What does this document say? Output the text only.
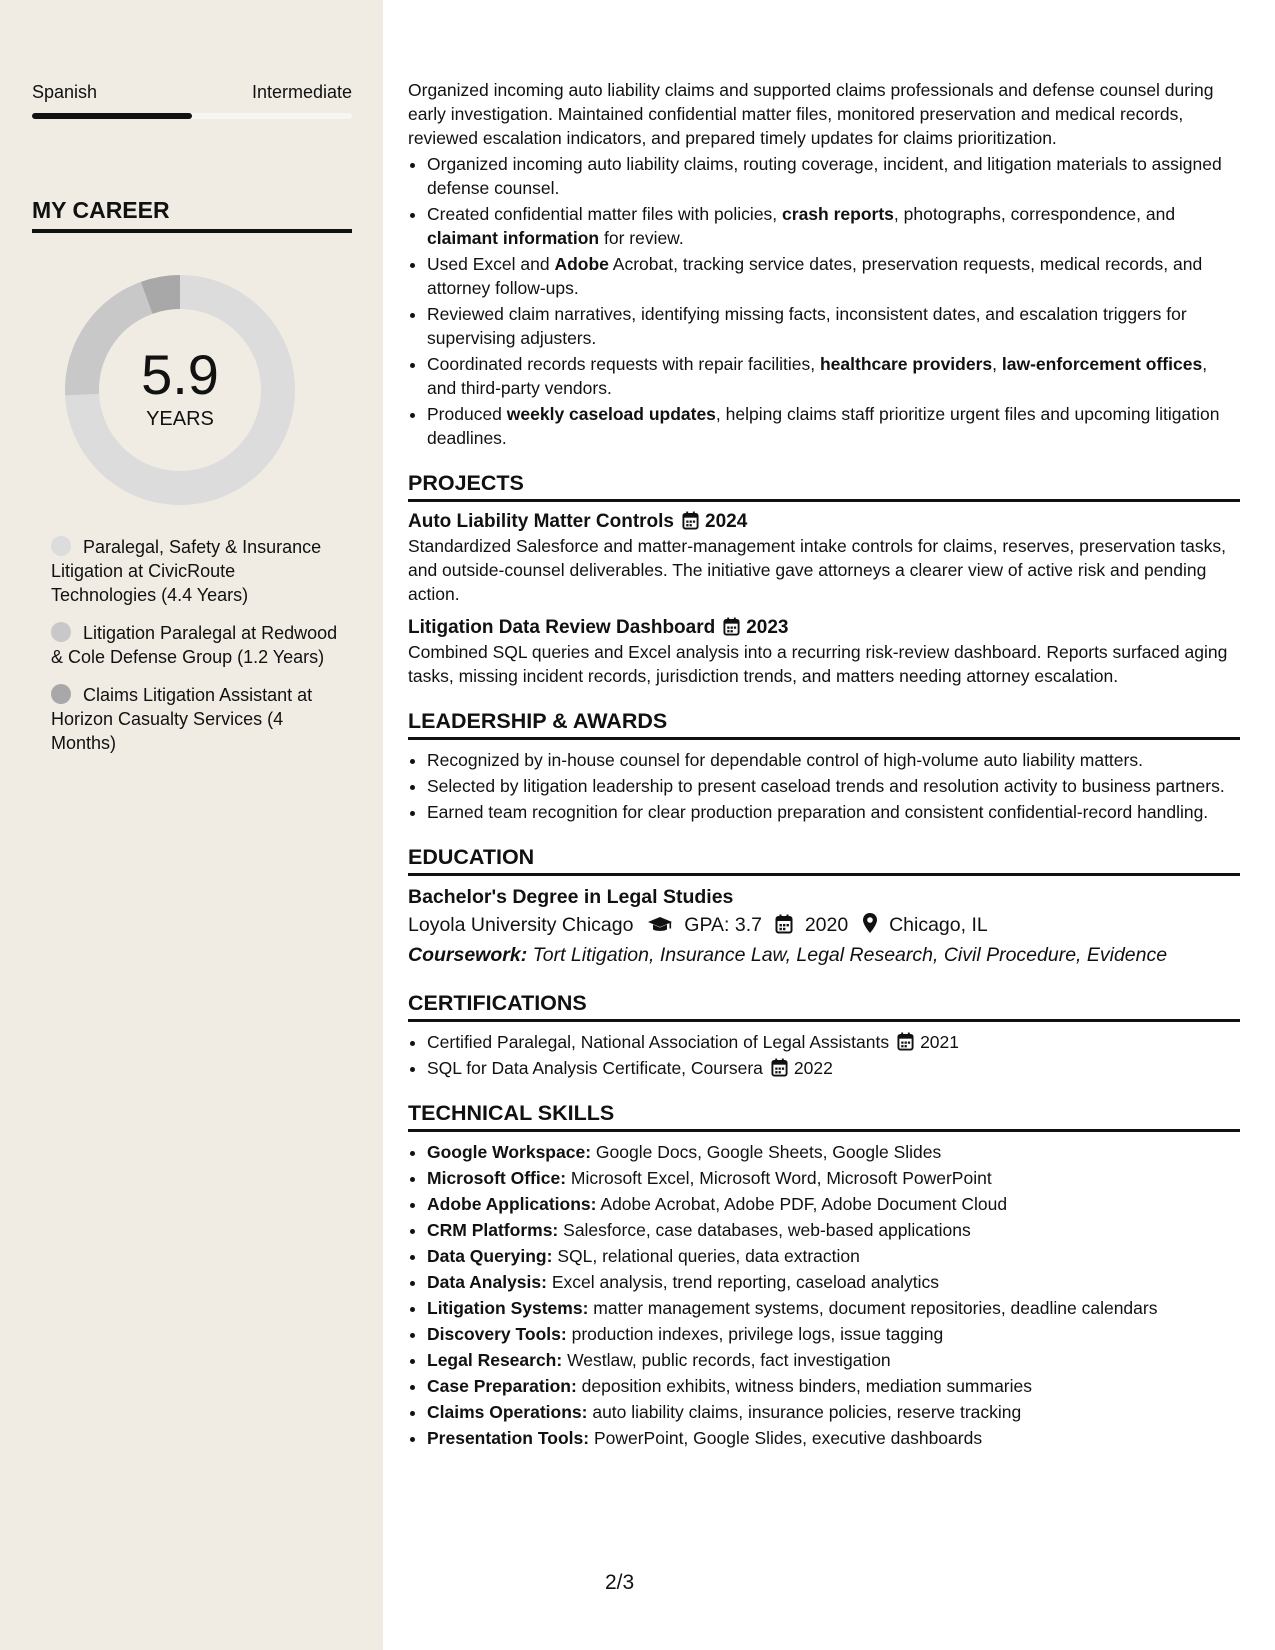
Spanish	Intermediate
MY CAREER
5.9
YEARS
Paralegal, Safety & Insurance Litigation at CivicRoute Technologies (4.4 Years)
Litigation Paralegal at Redwood & Cole Defense Group (1.2 Years)
Claims Litigation Assistant at Horizon Casualty Services (4 Months)

Organized incoming auto liability claims and supported claims professionals and defense counsel during early investigation. Maintained confidential matter files, monitored preservation and medical records, reviewed escalation indicators, and prepared timely updates for claims prioritization.

• Organized incoming auto liability claims, routing coverage, incident, and litigation materials to assigned defense counsel.
• Created confidential matter files with policies, crash reports, photographs, correspondence, and claimant information for review.
• Used Excel and Adobe Acrobat, tracking service dates, preservation requests, medical records, and attorney follow-ups.
• Reviewed claim narratives, identifying missing facts, inconsistent dates, and escalation triggers for supervising adjusters.
• Coordinated records requests with repair facilities, healthcare providers, law-enforcement offices, and third-party vendors.
• Produced weekly caseload updates, helping claims staff prioritize urgent files and upcoming litigation deadlines.
PROJECTS
Auto Liability Matter Controls 2024

Standardized Salesforce and matter-management intake controls for claims, reserves, preservation tasks, and outside-counsel deliverables. The initiative gave attorneys a clearer view of active risk and pending action.

Litigation Data Review Dashboard 2023

Combined SQL queries and Excel analysis into a recurring risk-review dashboard. Reports surfaced aging tasks, missing incident records, jurisdiction trends, and matters needing attorney escalation.

LEADERSHIP & AWARDS
• Recognized by in-house counsel for dependable control of high-volume auto liability matters.
• Selected by litigation leadership to present caseload trends and resolution activity to business partners.
• Earned team recognition for clear production preparation and consistent confidential-record handling.
EDUCATION
Bachelor's Degree in Legal Studies
Loyola University Chicago	GPA: 3.7 2020 Chicago, IL
Coursework: Tort Litigation, Insurance Law, Legal Research, Civil Procedure, Evidence
CERTIFICATIONS
• Certified Paralegal, National Association of Legal Assistants 2021
• SQL for Data Analysis Certificate, Coursera 2022
TECHNICAL SKILLS
• Google Workspace: Google Docs, Google Sheets, Google Slides
• Microsoft Office: Microsoft Excel, Microsoft Word, Microsoft PowerPoint
• Adobe Applications: Adobe Acrobat, Adobe PDF, Adobe Document Cloud
• CRM Platforms: Salesforce, case databases, web-based applications
• Data Querying: SQL, relational queries, data extraction
• Data Analysis: Excel analysis, trend reporting, caseload analytics
• Litigation Systems: matter management systems, document repositories, deadline calendars
• Discovery Tools: production indexes, privilege logs, issue tagging
• Legal Research: Westlaw, public records, fact investigation
• Case Preparation: deposition exhibits, witness binders, mediation summaries
• Claims Operations: auto liability claims, insurance policies, reserve tracking
• Presentation Tools: PowerPoint, Google Slides, executive dashboards
2/3
